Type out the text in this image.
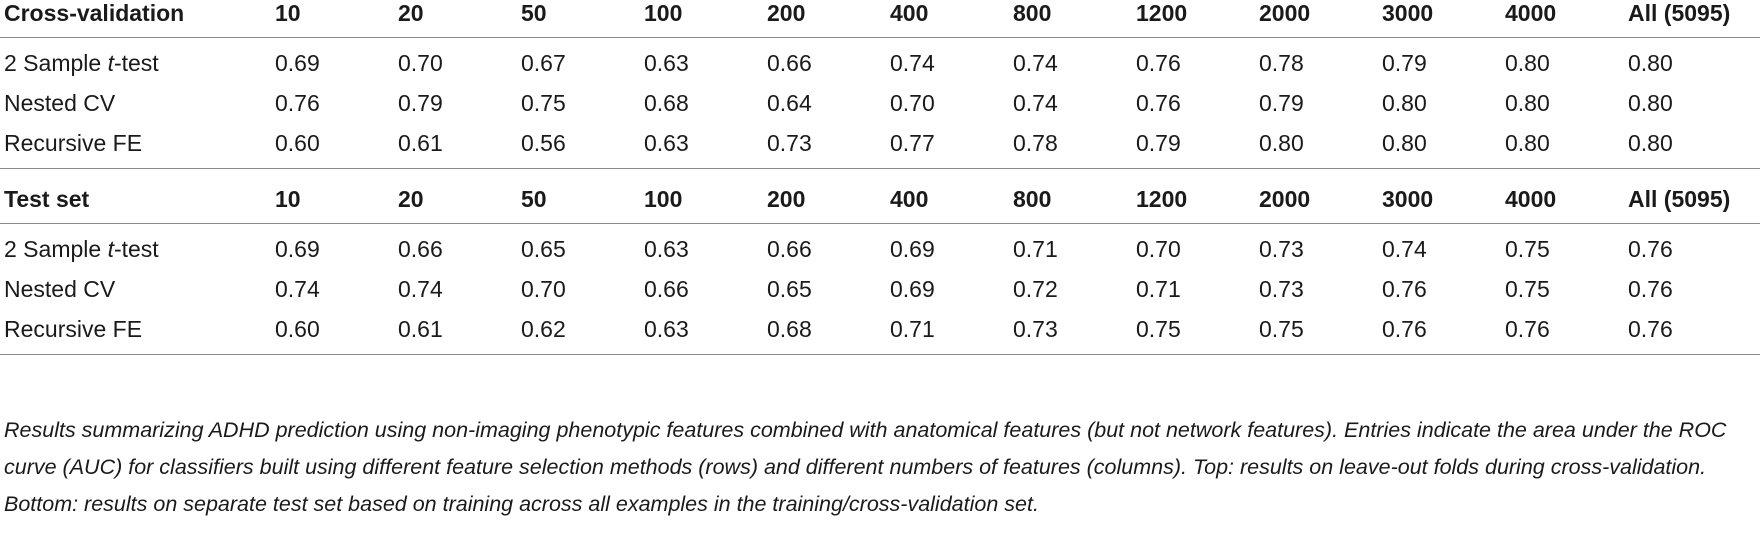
Cross-validation	10	20	50	100	200	400	800	1200	2000	3000	4000	All (5095)

2 Sample t-test	0.69	0.70	0.67	0.63	0.66	0.74	0.74	0.76	0.78	0.79	0.80	0.80
Nested CV	0.76	0.79	0.75	0.68	0.64	0.70	0.74	0.76	0.79	0.80	0.80	0.80
Recursive FE	0.60	0.61	0.56	0.63	0.73	0.77	0.78	0.79	0.80	0.80	0.80	0.80

Test set	10	20	50	100	200	400	800	1200	2000	3000	4000	All (5095)

2 Sample t-test	0.69	0.66	0.65	0.63	0.66	0.69	0.71	0.70	0.73	0.74	0.75	0.76
Nested CV	0.74	0.74	0.70	0.66	0.65	0.69	0.72	0.71	0.73	0.76	0.75	0.76
Recursive FE	0.60	0.61	0.62	0.63	0.68	0.71	0.73	0.75	0.75	0.76	0.76	0.76

Results summarizing ADHD prediction using non-imaging phenotypic features combined with anatomical features (but not network features). Entries indicate the area under the ROC curve (AUC) for classifiers built using different feature selection methods (rows) and different numbers of features (columns). Top: results on leave-out folds during cross-validation. Bottom: results on separate test set based on training across all examples in the training/cross-validation set.
